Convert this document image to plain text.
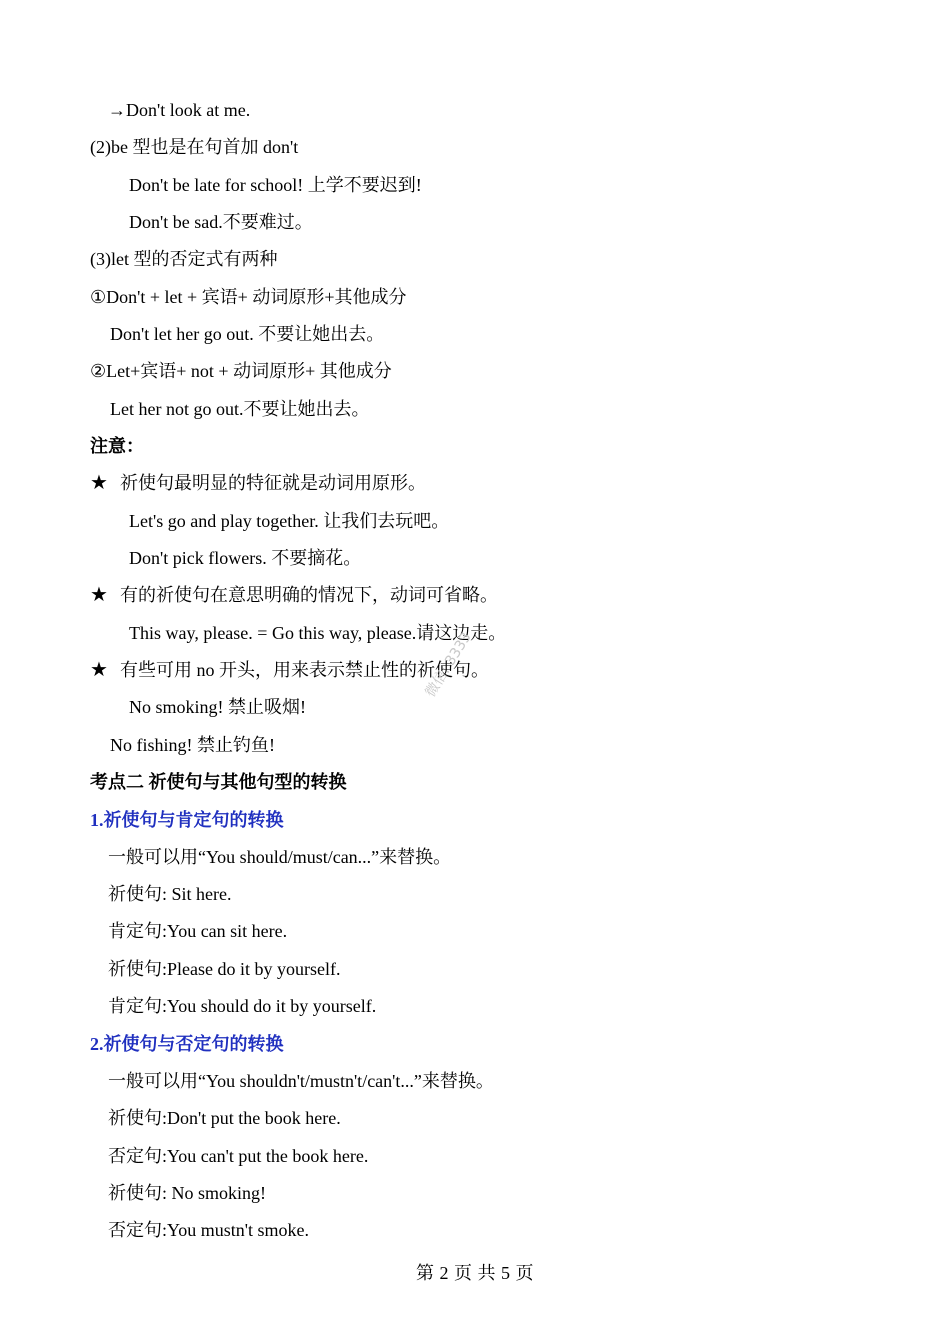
→Don't look at me.
(2)be 型也是在句首加 don't
Don't be late for school! 上学不要迟到!
Don't be sad.不要难过。
(3)let 型的否定式有两种
①Don't + let + 宾语+ 动词原形+其他成分
Don't let her go out. 不要让她出去。
②Let+宾语+ not + 动词原形+ 其他成分
Let her not go out.不要让她出去。
注意：
★ 祈使句最明显的特征就是动词用原形。
Let's go and play together. 让我们去玩吧。
Don't pick flowers. 不要摘花。
★ 有的祈使句在意思明确的情况下，动词可省略。
This way, please. = Go this way, please.请这边走。
★ 有些可用 no 开头，用来表示禁止性的祈使句。
No smoking! 禁止吸烟!
No fishing! 禁止钓鱼!
考点二 祈使句与其他句型的转换
1.祈使句与肯定句的转换
一般可以用“You should/must/can...”来替换。
祈使句: Sit here.
肯定句:You can sit here.
祈使句:Please do it by yourself.
肯定句:You should do it by yourself.
2.祈使句与否定句的转换
一般可以用“You shouldn't/mustn't/can't...”来替换。
祈使句:Don't put the book here.
否定句:You can't put the book here.
祈使句: No smoking!
否定句:You mustn't smoke.
微信: 3333
第 2 页 共 5 页
